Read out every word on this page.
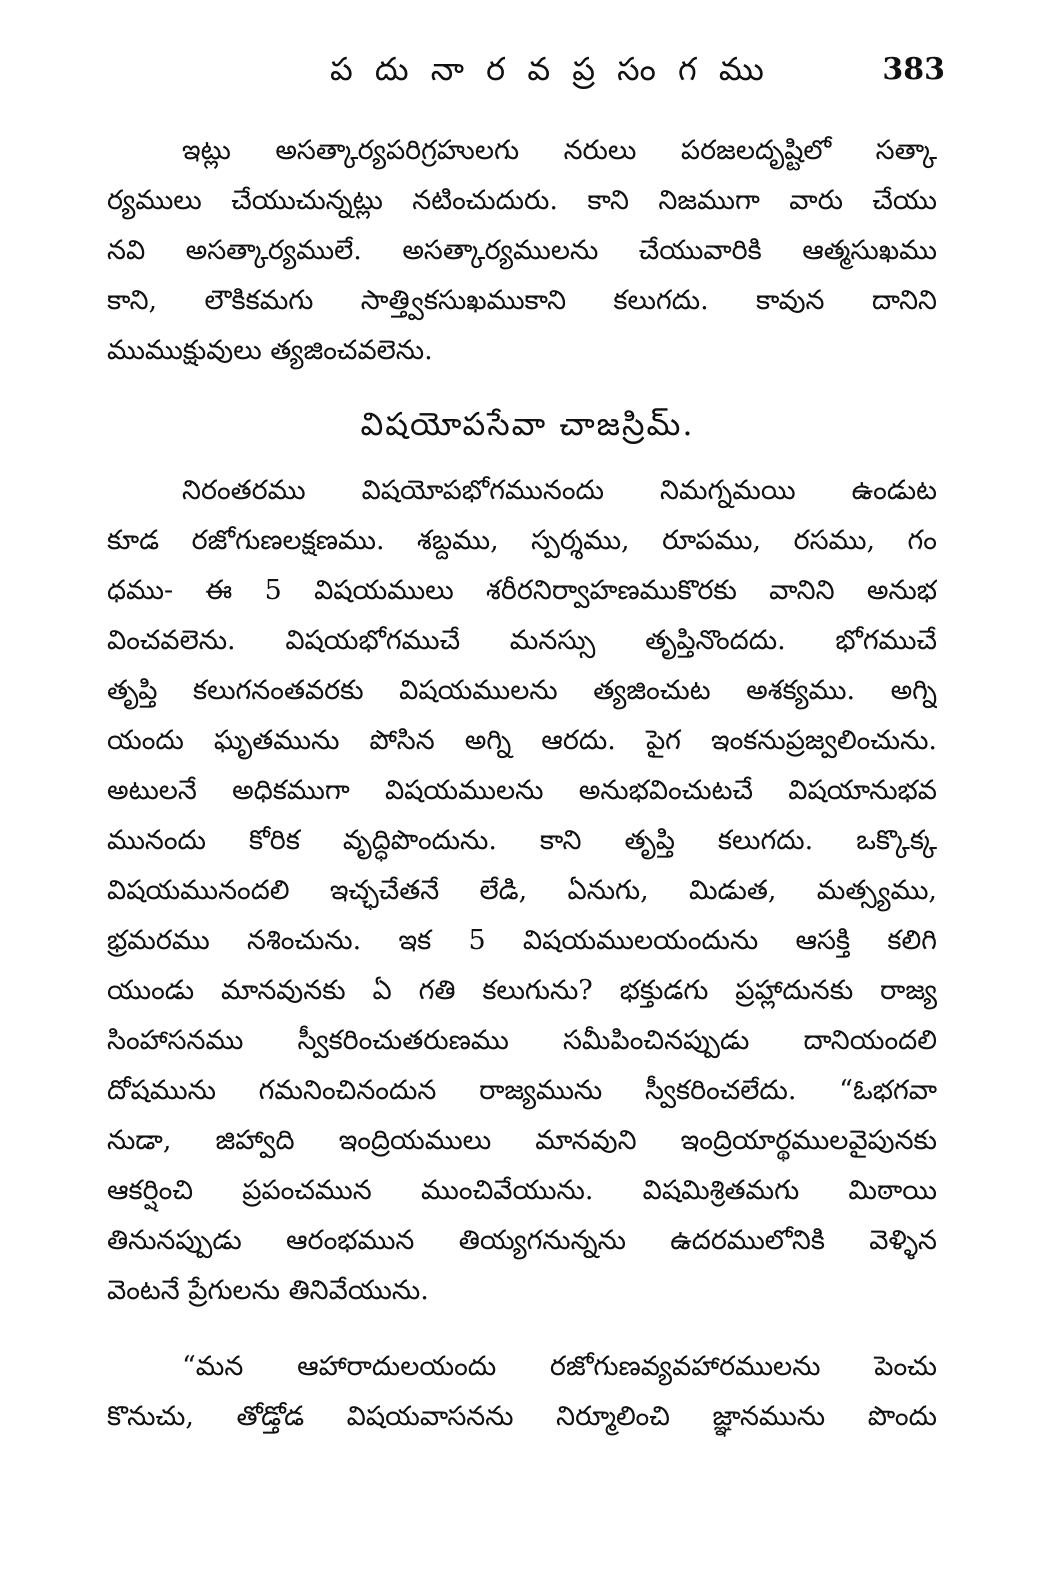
ప దు నా ర వ ప్ర సం గ ము	383
ఇట్లు అసత్కార్యపరిగ్రహులగు నరులు పరజలదృష్టిలో సత్కా
ర్యములు చేయుచున్నట్లు నటించుదురు. కాని నిజముగా వారు చేయు
నవి అసత్కార్యములే. అసత్కార్యములను చేయువారికి ఆత్మసుఖము
కాని, లౌకికమగు సాత్త్వికసుఖముకాని కలుగదు. కావున దానిని
ముముక్షువులు త్యజించవలెను.
విషయోపసేవా చాజస్రిమ్.
నిరంతరము విషయోపభోగమునందు నిమగ్నమయి ఉండుట
కూడ రజోగుణలక్షణము. శబ్దము, స్పర్శము, రూపము, రసము, గం
ధము- ఈ 5 విషయములు శరీరనిర్వాహణముకొరకు వానిని అనుభ
వించవలెను. విషయభోగముచే మనస్సు తృప్తినొందదు. భోగముచే
తృప్తి కలుగనంతవరకు విషయములను త్యజించుట అశక్యము. అగ్ని
యందు ఘృతమును పోసిన అగ్ని ఆరదు. పైగ ఇంకనుప్రజ్వలించును.
అటులనే అధికముగా విషయములను అనుభవించుటచే విషయానుభవ
మునందు కోరిక వృద్ధిపొందును. కాని తృప్తి కలుగదు. ఒక్కొక్క
విషయమునందలి ఇచ్ఛచేతనే లేడి, ఏనుగు, మిడుత, మత్స్యము,
భ్రమరము నశించును. ఇక 5 విషయములయందును ఆసక్తి కలిగి
యుండు మానవునకు ఏ గతి కలుగును? భక్తుడగు ప్రహ్లాదునకు రాజ్య
సింహాసనము స్వీకరించుతరుణము సమీపించినప్పుడు దానియందలి
దోషమును గమనించినందున రాజ్యమును స్వీకరించలేదు. “ఓభగవా
నుడా, జిహ్వాది ఇంద్రియములు మానవుని ఇంద్రియార్థములవైపునకు
ఆకర్షించి ప్రపంచమున ముంచివేయును. విషమిశ్రితమగు మిఠాయి
తినునప్పుడు ఆరంభమున తియ్యగనున్నను ఉదరములోనికి వెళ్ళిన
వెంటనే ప్రేగులను తినివేయును.
“మన ఆహారాదులయందు రజోగుణవ్యవహారములను పెంచు
కొనుచు, తోడ్తోడ విషయవాసనను నిర్మూలించి జ్ఞానమును పొందు
